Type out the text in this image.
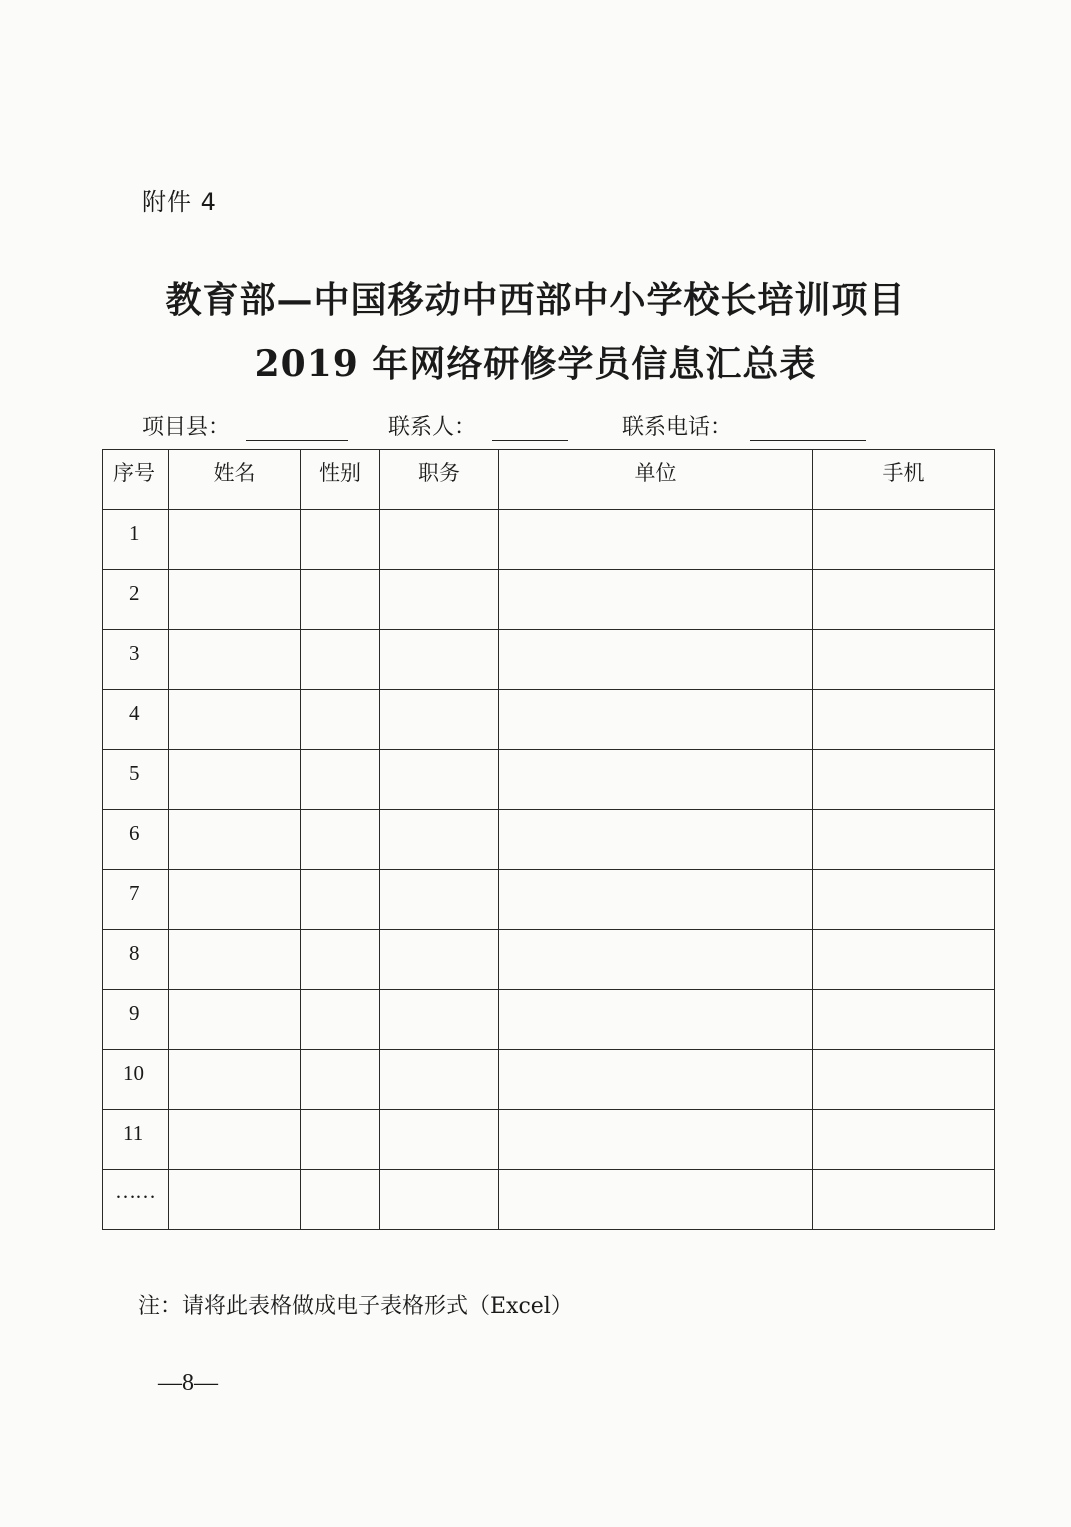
附件 4
教育部—中国移动中西部中小学校长培训项目
2019 年网络研修学员信息汇总表
项目县：	联系人：	联系电话：
序号	姓名	性别	职务	单位	手机

1					

2					

3					

4					

5					

6					

7					

8					

9					

10					

11					

……					

注：请将此表格做成电子表格形式（Excel）
—8—
